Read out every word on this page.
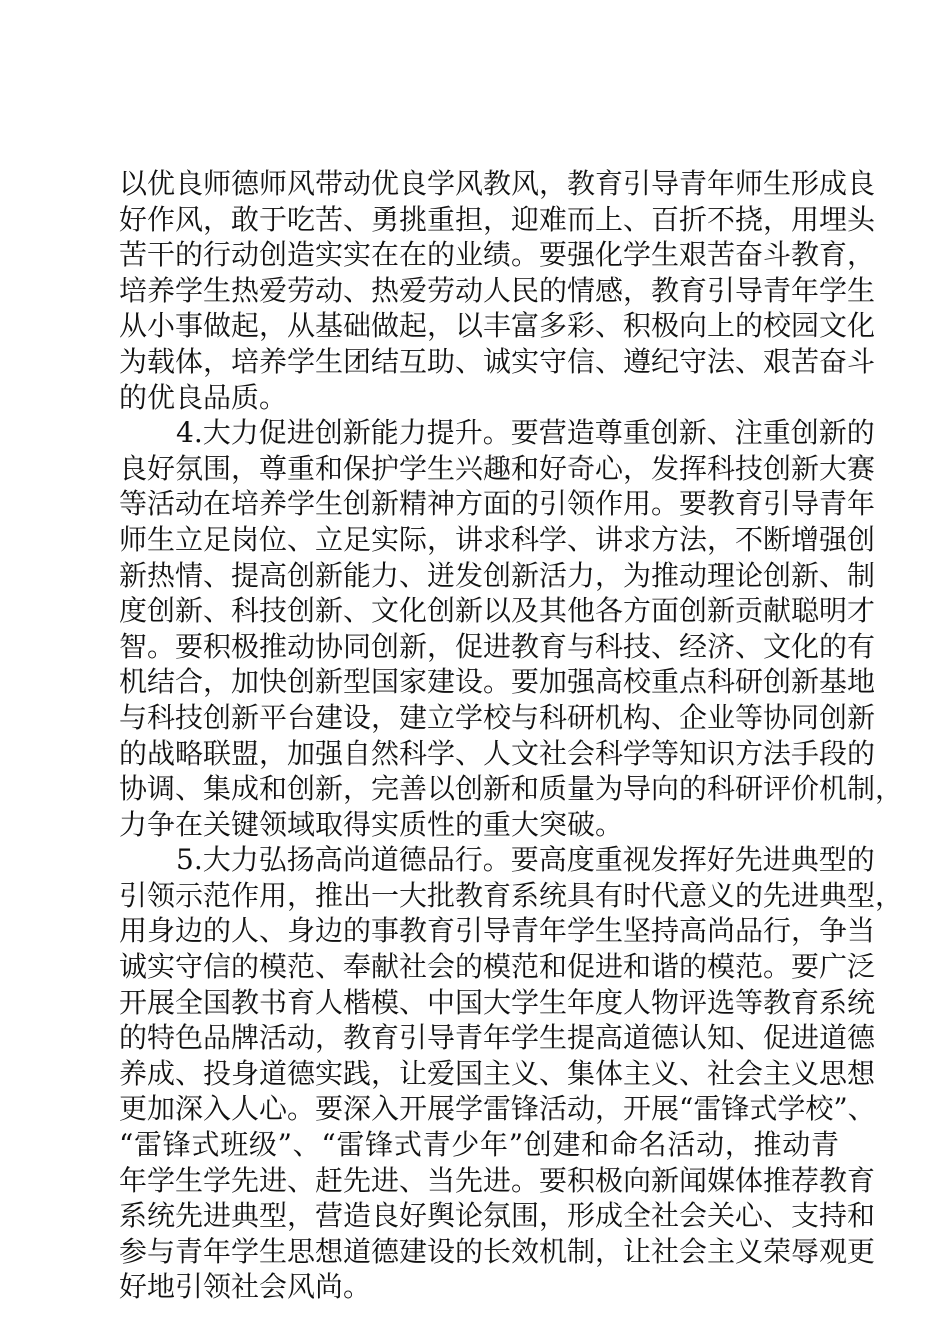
以优良师德师风带动优良学风教风，教育引导青年师生形成良
好作风，敢于吃苦、勇挑重担，迎难而上、百折不挠，用埋头
苦干的行动创造实实在在的业绩。要强化学生艰苦奋斗教育，
培养学生热爱劳动、热爱劳动人民的情感，教育引导青年学生
从小事做起，从基础做起，以丰富多彩、积极向上的校园文化
为载体，培养学生团结互助、诚实守信、遵纪守法、艰苦奋斗
的优良品质。
4.大力促进创新能力提升。要营造尊重创新、注重创新的
良好氛围，尊重和保护学生兴趣和好奇心，发挥科技创新大赛
等活动在培养学生创新精神方面的引领作用。要教育引导青年
师生立足岗位、立足实际，讲求科学、讲求方法，不断增强创
新热情、提高创新能力、迸发创新活力，为推动理论创新、制
度创新、科技创新、文化创新以及其他各方面创新贡献聪明才
智。要积极推动协同创新，促进教育与科技、经济、文化的有
机结合，加快创新型国家建设。要加强高校重点科研创新基地
与科技创新平台建设，建立学校与科研机构、企业等协同创新
的战略联盟，加强自然科学、人文社会科学等知识方法手段的
协调、集成和创新，完善以创新和质量为导向的科研评价机制，
力争在关键领域取得实质性的重大突破。
5.大力弘扬高尚道德品行。要高度重视发挥好先进典型的
引领示范作用，推出一大批教育系统具有时代意义的先进典型，
用身边的人、身边的事教育引导青年学生坚持高尚品行，争当
诚实守信的模范、奉献社会的模范和促进和谐的模范。要广泛
开展全国教书育人楷模、中国大学生年度人物评选等教育系统
的特色品牌活动，教育引导青年学生提高道德认知、促进道德
养成、投身道德实践，让爱国主义、集体主义、社会主义思想
更加深入人心。要深入开展学雷锋活动，开展“雷锋式学校”、
“雷锋式班级”、“雷锋式青少年”创建和命名活动，推动青
年学生学先进、赶先进、当先进。要积极向新闻媒体推荐教育
系统先进典型，营造良好舆论氛围，形成全社会关心、支持和
参与青年学生思想道德建设的长效机制，让社会主义荣辱观更
好地引领社会风尚。
